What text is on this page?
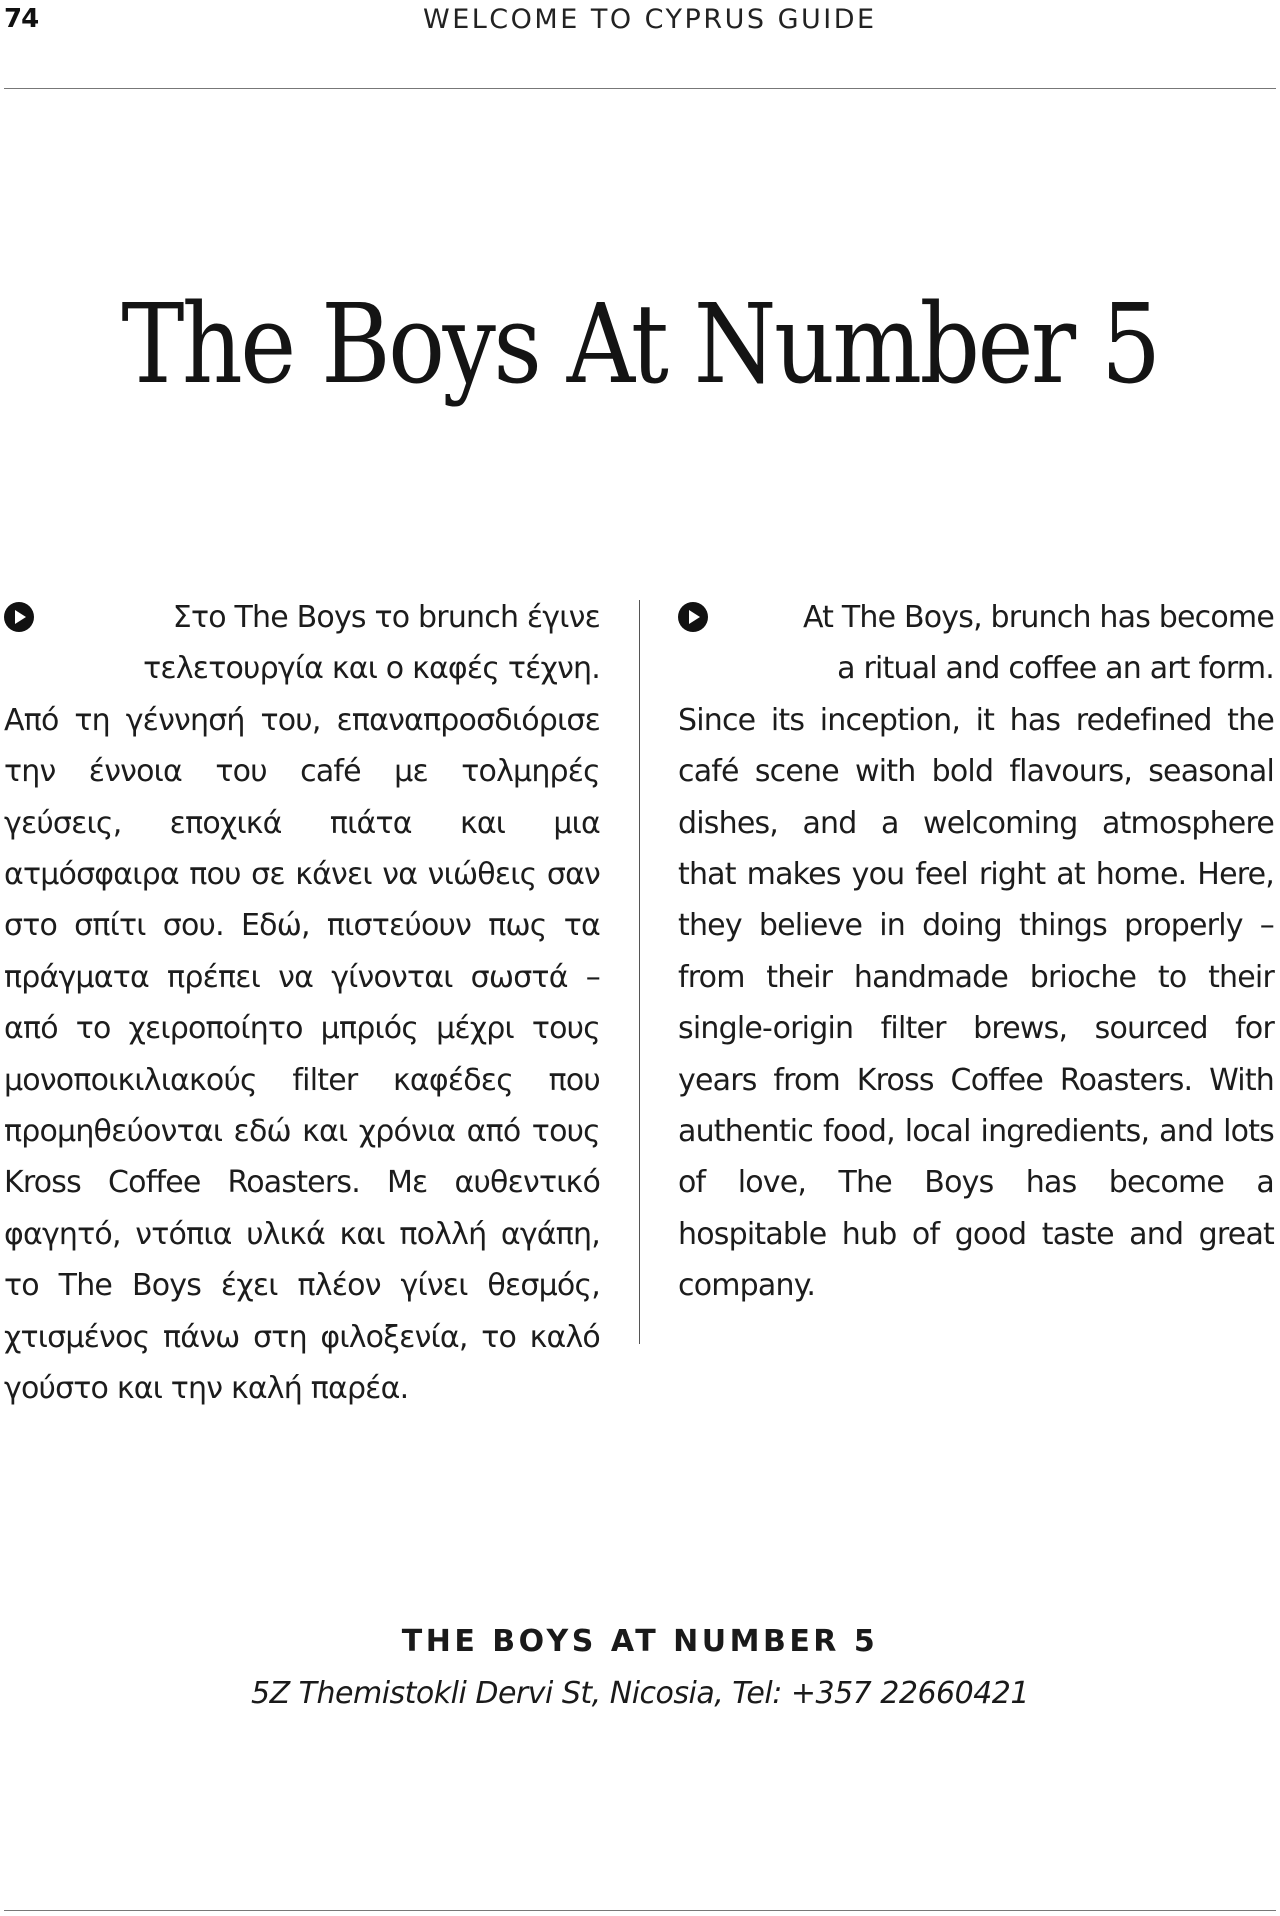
74	WELCOME TO CYPRUS GUIDE
The Boys At Number 5
Στο The Boys το brunch έγινε τελετουργία και ο καφές τέχνη.
Από τη γέννησή του, επαναπροσδιόρισε την έννοια του café με τολμηρές γεύσεις, εποχικά πιάτα και μια ατμόσφαιρα που σε κάνει να νιώθεις σαν στο σπίτι σου. Εδώ, πιστεύουν πως τα πράγματα πρέπει να γίνονται σωστά – από το χειροποίητο μπριός μέχρι τους μονοποικιλιακούς filter καφέδες που προμηθεύονται εδώ και χρόνια από τους Kross Coffee Roasters. Με αυθεντικό φαγητό, ντόπια υλικά και πολλή αγάπη, το The Boys έχει πλέον γίνει θεσμός, χτισμένος πάνω στη φιλοξενία, το καλό γούστο και την καλή παρέα.
At The Boys, brunch has become a ritual and coffee an art form.
Since its inception, it has redefined the café scene with bold flavours, seasonal dishes, and a welcoming atmosphere that makes you feel right at home. Here, they believe in doing things properly – from their handmade brioche to their single-origin filter brews, sourced for years from Kross Coffee Roasters. With authentic food, local ingredients, and lots of love, The Boys has become a hospitable hub of good taste and great company.
THE BOYS AT NUMBER 5
5Z Themistokli Dervi St, Nicosia, Tel: +357 22660421
